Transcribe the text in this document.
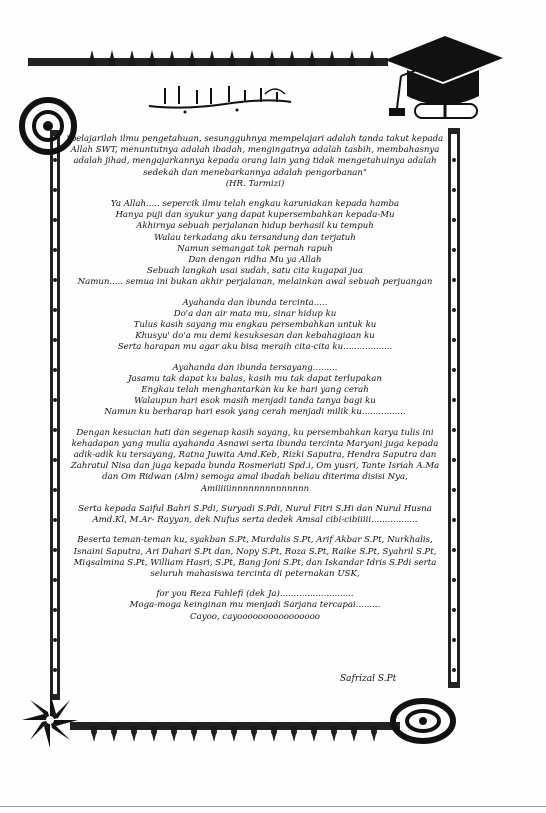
"pelajarilah ilmu pengetahuan, sesungguhnya mempelajari adalah tanda takut kepada
Allah SWT, menuntutnya adalah ibadah, mengingatnya adalah tasbih, membahasnya
adalah jihad, mengajarkannya kepada orang lain yang tidak mengetahuinya adalah
sedekah dan menebarkannya adalah pengorbanan"
(HR. Tarmizi)
Ya Allah..... sepercik ilmu telah engkau karuniakan kepada hamba
Hanya puji dan syukur yang dapat kupersembahkan kepada-Mu
Akhirnya sebuah perjalanan hidup berhasil ku tempuh
Walau terkadang aku tersandung dan terjatuh
Namun semangat tak pernah rapuh
Dan dengan ridha Mu ya Allah
Sebuah langkah usai sudah, satu cita kugapai jua
Namun..... semua ini bukan akhir perjalanan, melainkan awal sebuah perjuangan
Ayahanda dan ibunda tercinta.....
Do'a dan air mata mu, sinar hidup ku
Tulus kasih sayang mu engkau persembahkan untuk ku
Khusyu' do'a mu demi kesuksesan dan kebahagiaan ku
Serta harapan mu agar aku bisa meraih cita-cita ku..................
Ayahanda dan ibunda tersayang.........
Jasamu tak dapat ku balas, kasih mu tak dapat terlupakan
Engkau telah menghantarkan ku ke hari yang cerah
Walaupun hari esok masih menjadi tanda tanya bagi ku
Namun ku berharap hari esok yang cerah menjadi milik ku................
Dengan kesucian hati dan segenap kasih sayang, ku persembahkan karya tulis ini
kehadapan yang mulia ayahanda Asnawi serta ibunda tercinta Maryani juga kepada
adik-adik ku tersayang, Ratna Juwita Amd.Keb, Rizki Saputra, Hendra Saputra dan
Zahratul Nisa dan juga kepada bunda Rosmeriati Spd.i, Om yusri, Tante Isriah A.Ma
dan Om Ridwan (Alm) semoga amal ibadah beliau diterima disisi Nya,
Amiiiiiinnnnnnnnnnnnnn
Serta kepada Saiful Bahri S.Pdi, Suryadi S.Pdi, Nurul Fitri S.Hi dan Nurul Husna
Amd.Kl, M.Ar- Rayyan, dek Nufus serta dedek Amsal cibi-cibiiiii.................
Beserta teman-teman ku, syakban S.Pt, Murdalis S.Pt, Arif Akbar S.Pt, Nurkhalis,
Isnaini Saputra, Ari Dahari S.Pt dan, Nopy S.Pt, Roza S.Pt, Raike S.Pt, Syahril S.Pt,
Miqsalmina S.Pt, William Hasri, S.Pt, Bang Joni S.Pt, dan Iskandar Idris S.Pdi serta
seluruh mahasiswa tercinta di peternakan USK,
for you Reza Fahlefi (dek Ja)...........................
Moga-moga keinginan mu menjadi Sarjana tercapai.........
Cayoo, cayoooooooooooooooo
Safrizal S.Pt
